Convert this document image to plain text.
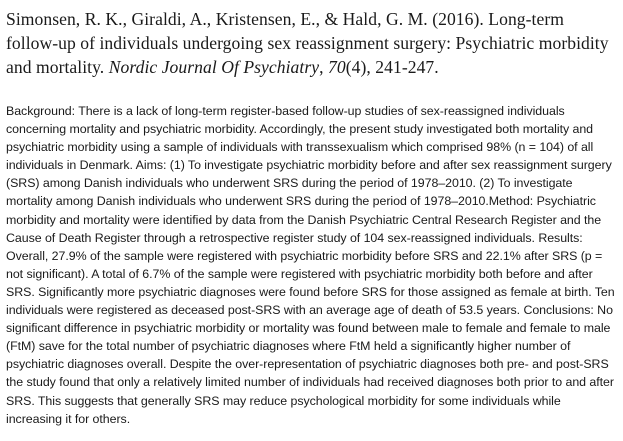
Simonsen, R. K., Giraldi, A., Kristensen, E., & Hald, G. M. (2016). Long-term follow-up of individuals undergoing sex reassignment surgery: Psychiatric morbidity and mortality. Nordic Journal Of Psychiatry, 70(4), 241-247.

Background: There is a lack of long-term register-based follow-up studies of sex-reassigned individuals concerning mortality and psychiatric morbidity. Accordingly, the present study investigated both mortality and psychiatric morbidity using a sample of individuals with transsexualism which comprised 98% (n = 104) of all individuals in Denmark. Aims: (1) To investigate psychiatric morbidity before and after sex reassignment surgery (SRS) among Danish individuals who underwent SRS during the period of 1978–2010. (2) To investigate mortality among Danish individuals who underwent SRS during the period of 1978–2010.Method: Psychiatric morbidity and mortality were identified by data from the Danish Psychiatric Central Research Register and the Cause of Death Register through a retrospective register study of 104 sex-reassigned individuals. Results: Overall, 27.9% of the sample were registered with psychiatric morbidity before SRS and 22.1% after SRS (p = not significant). A total of 6.7% of the sample were registered with psychiatric morbidity both before and after SRS. Significantly more psychiatric diagnoses were found before SRS for those assigned as female at birth. Ten individuals were registered as deceased post-SRS with an average age of death of 53.5 years. Conclusions: No significant difference in psychiatric morbidity or mortality was found between male to female and female to male (FtM) save for the total number of psychiatric diagnoses where FtM held a significantly higher number of psychiatric diagnoses overall. Despite the over-representation of psychiatric diagnoses both pre- and post-SRS the study found that only a relatively limited number of individuals had received diagnoses both prior to and after SRS. This suggests that generally SRS may reduce psychological morbidity for some individuals while increasing it for others.
